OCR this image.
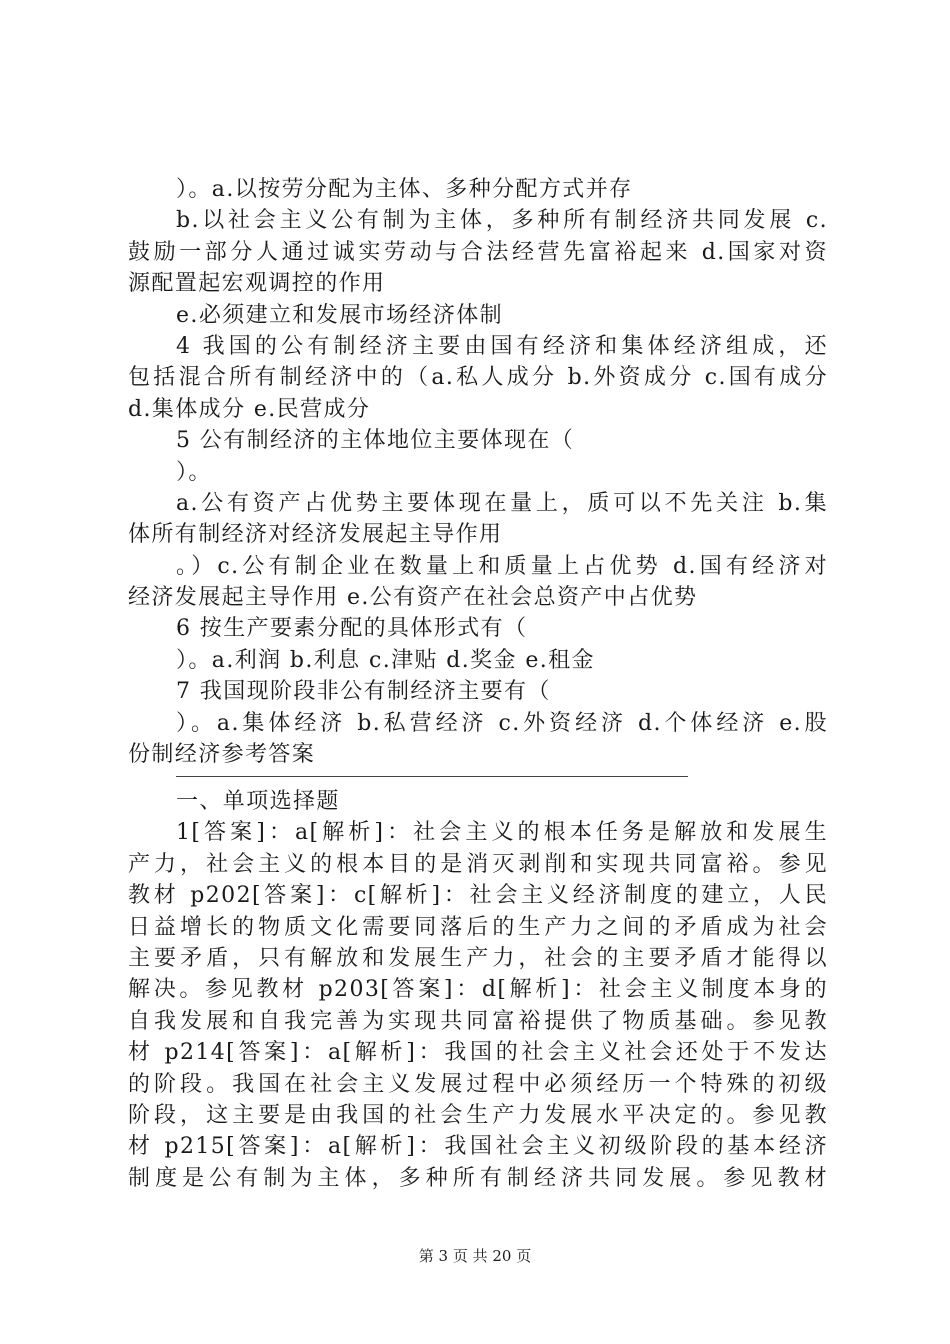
）。a.以按劳分配为主体、多种分配方式并存
b.以社会主义公有制为主体，多种所有制经济共同发展 c.
鼓励一部分人通过诚实劳动与合法经营先富裕起来 d.国家对资
源配置起宏观调控的作用
e.必须建立和发展市场经济体制
4 我国的公有制经济主要由国有经济和集体经济组成，还
包括混合所有制经济中的（a.私人成分 b.外资成分 c.国有成分
d.集体成分 e.民营成分
5 公有制经济的主体地位主要体现在（
）。
a.公有资产占优势主要体现在量上，质可以不先关注 b.集
体所有制经济对经济发展起主导作用
。）c.公有制企业在数量上和质量上占优势 d.国有经济对
经济发展起主导作用 e.公有资产在社会总资产中占优势
6 按生产要素分配的具体形式有（
）。a.利润 b.利息 c.津贴 d.奖金 e.租金
7 我国现阶段非公有制经济主要有（
）。a.集体经济 b.私营经济 c.外资经济 d.个体经济 e.股
份制经济参考答案
一、单项选择题
1[答案]：a[解析]：社会主义的根本任务是解放和发展生
产力，社会主义的根本目的是消灭剥削和实现共同富裕。参见
教材 p202[答案]：c[解析]：社会主义经济制度的建立，人民
日益增长的物质文化需要同落后的生产力之间的矛盾成为社会
主要矛盾，只有解放和发展生产力，社会的主要矛盾才能得以
解决。参见教材 p203[答案]：d[解析]：社会主义制度本身的
自我发展和自我完善为实现共同富裕提供了物质基础。参见教
材 p214[答案]：a[解析]：我国的社会主义社会还处于不发达
的阶段。我国在社会主义发展过程中必须经历一个特殊的初级
阶段，这主要是由我国的社会生产力发展水平决定的。参见教
材 p215[答案]：a[解析]：我国社会主义初级阶段的基本经济
制度是公有制为主体，多种所有制经济共同发展。参见教材
第 3 页 共 20 页
